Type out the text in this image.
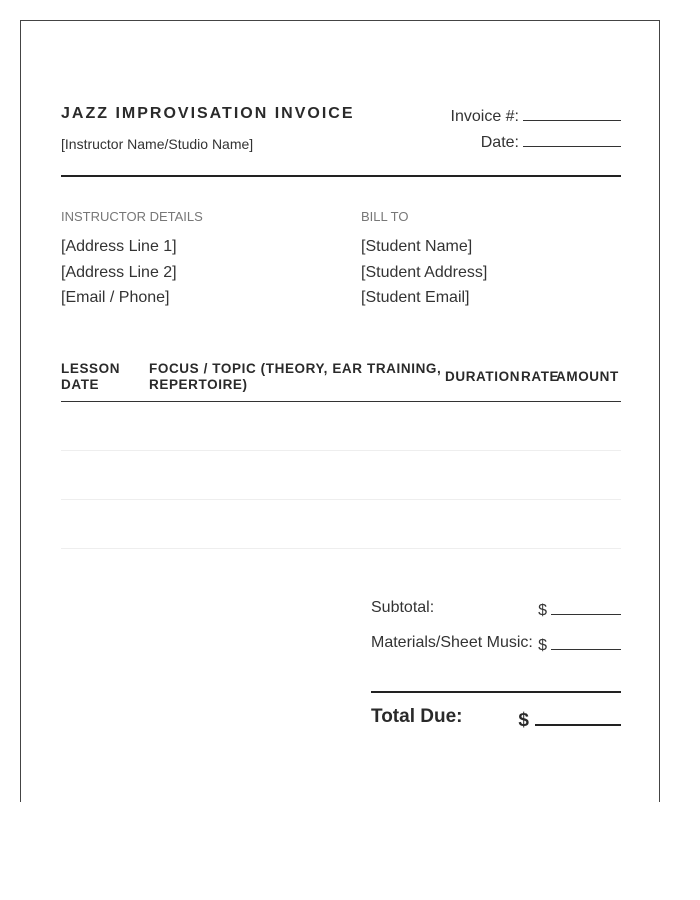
JAZZ IMPROVISATION INVOICE
[Instructor Name/Studio Name]
Invoice #:
Date:
INSTRUCTOR DETAILS
[Address Line 1]
[Address Line 2]
[Email / Phone]
BILL TO
[Student Name]
[Student Address]
[Student Email]
LESSON DATE
FOCUS / TOPIC (THEORY, EAR TRAINING, REPERTOIRE)
DURATION RATE
AMOUNT
Subtotal:	$
Materials/Sheet Music: $
Total Due:	$
